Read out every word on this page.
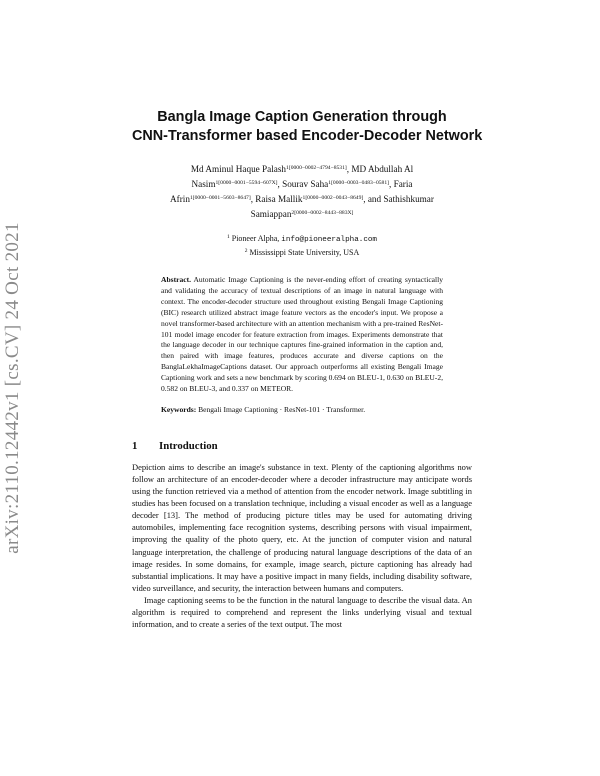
arXiv:2110.12442v1 [cs.CV] 24 Oct 2021
Bangla Image Caption Generation through
CNN-Transformer based Encoder-Decoder Network
Md Aminul Haque Palash$^{1[0000-0002-4794-8531]}$, MD Abdullah Al
Nasim$^{1[0000-0001-5594-607X]}$, Sourav Saha$^{1[0000-0003-0483-0581]}$, Faria
Afrin$^{1[0000-0001-5603-8647]}$, Raisa Mallik$^{1[0000-0002-0043-8649]}$, and Sathishkumar
Samiappan$^{2[0000-0002-8443-883X]}$
$^1$ Pioneer Alpha, info@pioneeralpha.com
$^2$ Mississippi State University, USA
Abstract. Automatic Image Captioning is the never-ending effort of creating syntactically and validating the accuracy of textual descriptions of an image in natural language with context. The encoder-decoder structure used throughout existing Bengali Image Captioning (BIC) research utilized abstract image feature vectors as the encoder's input. We propose a novel transformer-based architecture with an attention mechanism with a pre-trained ResNet-101 model image encoder for feature extraction from images. Experiments demonstrate that the language decoder in our technique captures fine-grained information in the caption and, then paired with image features, produces accurate and diverse captions on the BanglaLekhaImageCaptions dataset. Our approach outperforms all existing Bengali Image Captioning work and sets a new benchmark by scoring 0.694 on BLEU-1, 0.630 on BLEU-2, 0.582 on BLEU-3, and 0.337 on METEOR.
Keywords: Bengali Image Captioning · ResNet-101 · Transformer.
1 Introduction
Depiction aims to describe an image's substance in text. Plenty of the captioning algorithms now follow an architecture of an encoder-decoder where a decoder infrastructure may anticipate words using the function retrieved via a method of attention from the encoder network. Image subtitling in studies has been focused on a translation technique, including a visual encoder as well as a language decoder [13]. The method of producing picture titles may be used for automating driving automobiles, implementing face recognition systems, describing persons with visual impairment, improving the quality of the photo query, etc. At the junction of computer vision and natural language interpretation, the challenge of producing natural language descriptions of the data of an image resides. In some domains, for example, image search, picture captioning has already had substantial implications. It may have a positive impact in many fields, including disability software, video surveillance, and security, the interaction between humans and computers.
Image captioning seems to be the function in the natural language to describe the visual data. An algorithm is required to comprehend and represent the links underlying visual and textual information, and to create a series of the text output. The most
